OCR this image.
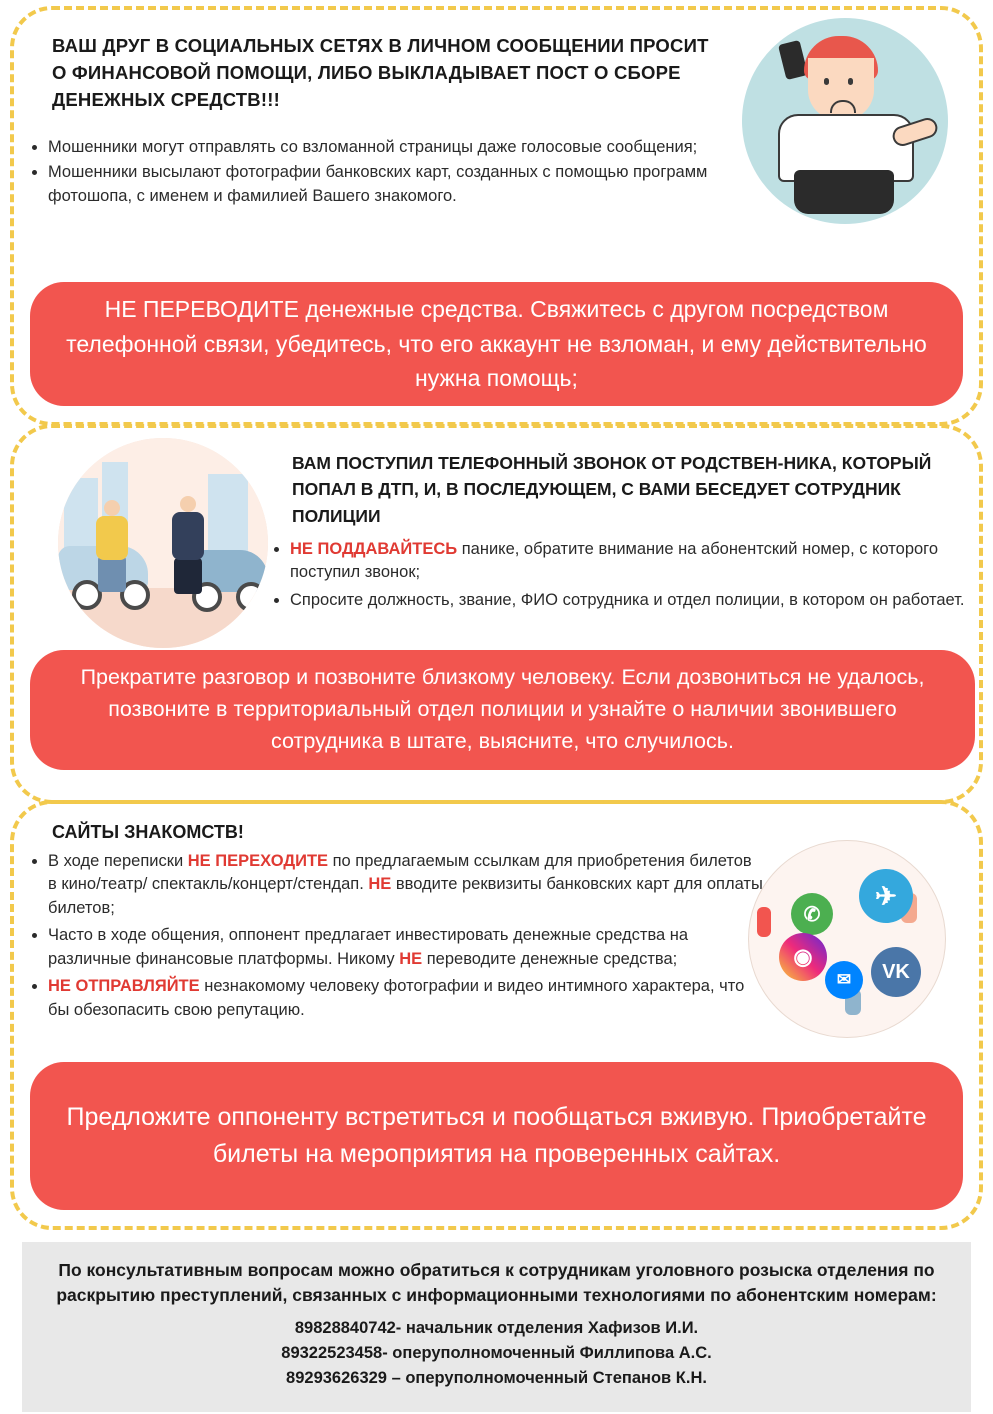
ВАШ ДРУГ В СОЦИАЛЬНЫХ СЕТЯХ В ЛИЧНОМ СООБЩЕНИИ ПРОСИТ О ФИНАНСОВОЙ ПОМОЩИ, ЛИБО ВЫКЛАДЫВАЕТ ПОСТ О СБОРЕ ДЕНЕЖНЫХ СРЕДСТВ!!!
• Мошенники могут отправлять со взломанной страницы даже голосовые сообщения;
• Мошенники высылают фотографии банковских карт, созданных с помощью программ фотошопа, с именем и фамилией Вашего знакомого.
НЕ ПЕРЕВОДИТЕ денежные средства. Свяжитесь с другом посредством телефонной связи, убедитесь, что его аккаунт не взломан, и ему действительно нужна помощь;
ВАМ ПОСТУПИЛ ТЕЛЕФОННЫЙ ЗВОНОК ОТ РОДСТВЕН-НИКА, КОТОРЫЙ ПОПАЛ В ДТП, И, В ПОСЛЕДУЮЩЕМ, С ВАМИ БЕСЕДУЕТ СОТРУДНИК ПОЛИЦИИ
• НЕ ПОДДАВАЙТЕСЬ панике, обратите внимание на абонентский номер, с которого поступил звонок;
• Спросите должность, звание, ФИО сотрудника и отдел полиции, в котором он работает.
Прекратите разговор и позвоните близкому человеку. Если дозвониться не удалось, позвоните в территориальный отдел полиции и узнайте о наличии звонившего сотрудника в штате, выясните, что случилось.
САЙТЫ ЗНАКОМСТВ!
• В ходе переписки НЕ ПЕРЕХОДИТЕ по предлагаемым ссылкам для приобретения билетов в кино/театр/ спектакль/концерт/стендап. НЕ вводите реквизиты банковских карт для оплаты билетов;
• Часто в ходе общения, оппонент предлагает инвестировать денежные средства на различные финансовые платформы. Никому НЕ переводите денежные средства;
• НЕ ОТПРАВЛЯЙТЕ незнакомому человеку фотографии и видео интимного характера, что бы обезопасить свою репутацию.
✈
✆
◉
VK
✉
Предложите оппоненту встретиться и пообщаться вживую. Приобретайте билеты на мероприятия на проверенных сайтах.
По консультативным вопросам можно обратиться к сотрудникам уголовного розыска отделения по раскрытию преступлений, связанных с информационными технологиями по абонентским номерам:
89828840742- начальник отделения Хафизов И.И.
89322523458- оперуполномоченный Филлипова А.С.
89293626329 – оперуполномоченный Степанов К.Н.
